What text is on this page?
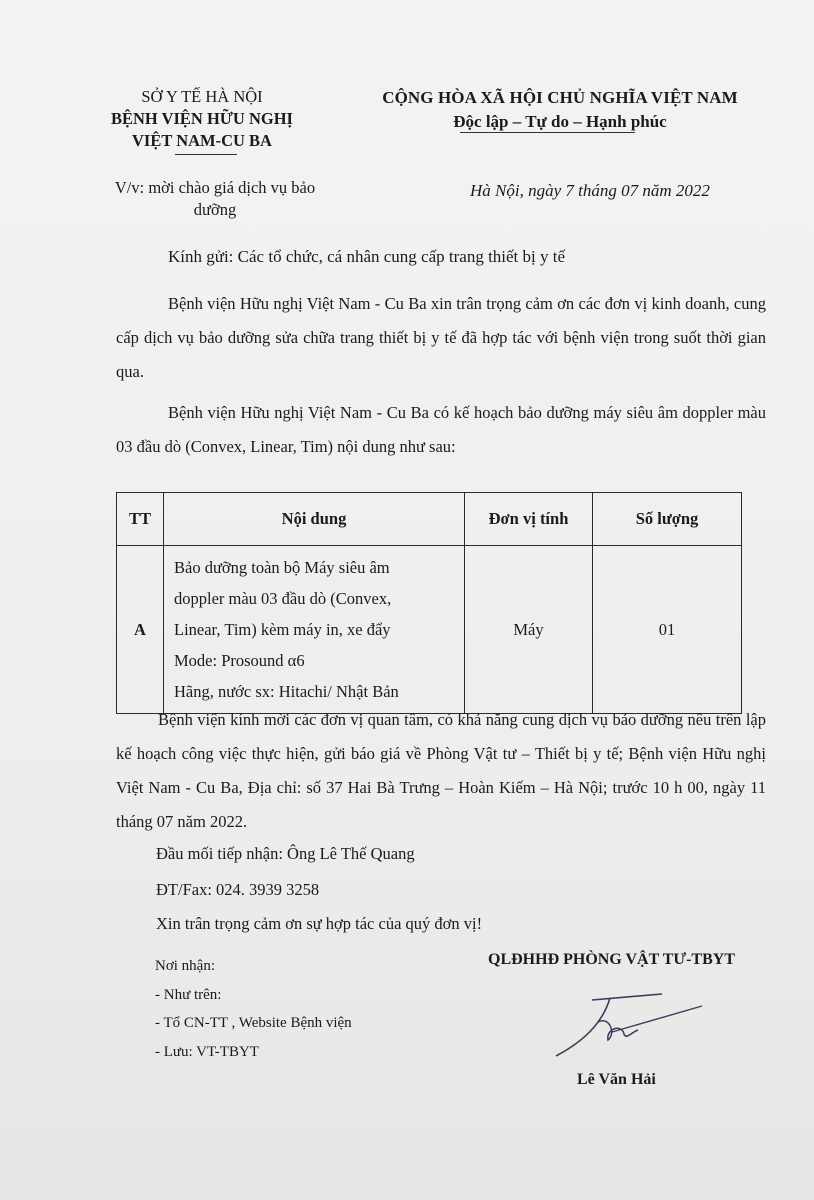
SỞ Y TẾ HÀ NỘI
BỆNH VIỆN HỮU NGHỊ
VIỆT NAM-CU BA
CỘNG HÒA XÃ HỘI CHỦ NGHĨA VIỆT NAM
Độc lập – Tự do – Hạnh phúc
V/v: mời chào giá dịch vụ bảo
dưỡng
Hà Nội, ngày 7 tháng 07 năm 2022
Kính gửi: Các tổ chức, cá nhân cung cấp trang thiết bị y tế
Bệnh viện Hữu nghị Việt Nam - Cu Ba xin trân trọng cảm ơn các đơn vị kinh doanh, cung cấp dịch vụ bảo dưỡng sửa chữa trang thiết bị y tế đã hợp tác với bệnh viện trong suốt thời gian qua.
Bệnh viện Hữu nghị Việt Nam - Cu Ba có kế hoạch bảo dưỡng máy siêu âm doppler màu 03 đầu dò (Convex, Linear, Tim) nội dung như sau:
TT	Nội dung	Đơn vị tính	Số lượng
A	Bảo dưỡng toàn bộ Máy siêu âm
doppler màu 03 đầu dò (Convex,
Linear, Tim) kèm máy in, xe đẩy
Mode: Prosound α6
Hãng, nước sx: Hitachi/ Nhật Bản	Máy	01
Bệnh viện kính mời các đơn vị quan tâm, có khả năng cung dịch vụ bảo dưỡng nêu trên lập kế hoạch công việc thực hiện, gửi báo giá về Phòng Vật tư – Thiết bị y tế; Bệnh viện Hữu nghị Việt Nam - Cu Ba, Địa chỉ: số 37 Hai Bà Trưng – Hoàn Kiếm – Hà Nội; trước 10 h 00, ngày 11 tháng 07 năm 2022.
Đầu mối tiếp nhận: Ông Lê Thế Quang
ĐT/Fax: 024. 3939 3258
Xin trân trọng cảm ơn sự hợp tác của quý đơn vị!
Nơi nhận:
- Như trên:
- Tổ CN-TT , Website Bệnh viện
- Lưu: VT-TBYT
QLĐHHĐ PHÒNG VẬT TƯ-TBYT
Lê Văn Hải
